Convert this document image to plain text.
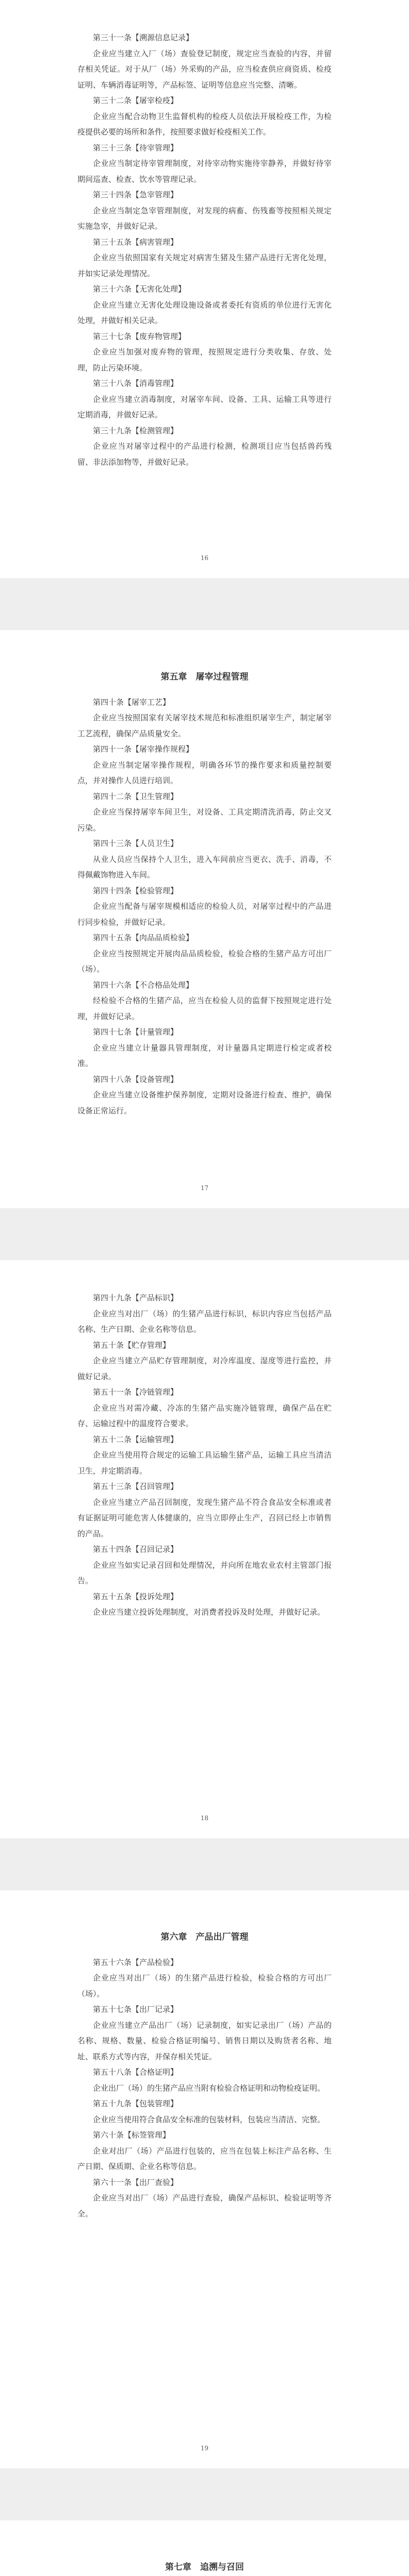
第三十一条【溯源信息记录】

企业应当建立入厂（场）查验登记制度，规定应当查验的内容，并留存相关凭证。对于从厂（场）外采购的产品，应当检查供应商资质、检疫证明、车辆消毒证明等，产品标签、证明等信息应当完整、清晰。

第三十二条【屠宰检疫】

企业应当配合动物卫生监督机构的检疫人员依法开展检疫工作，为检疫提供必要的场所和条件，按照要求做好检疫相关工作。

第三十三条【待宰管理】

企业应当制定待宰管理制度，对待宰动物实施待宰静养，并做好待宰期间巡查、检查、饮水等管理记录。

第三十四条【急宰管理】

企业应当制定急宰管理制度，对发现的病畜、伤残畜等按照相关规定实施急宰，并做好记录。

第三十五条【病害管理】

企业应当依照国家有关规定对病害生猪及生猪产品进行无害化处理，并如实记录处理情况。

第三十六条【无害化处理】

企业应当建立无害化处理设施设备或者委托有资质的单位进行无害化处理，并做好相关记录。

第三十七条【废弃物管理】

企业应当加强对废弃物的管理，按照规定进行分类收集、存放、处理，防止污染环境。

第三十八条【消毒管理】

企业应当建立消毒制度，对屠宰车间、设备、工具、运输工具等进行定期消毒，并做好记录。

第三十九条【检测管理】

企业应当对屠宰过程中的产品进行检测，检测项目应当包括兽药残留、非法添加物等，并做好记录。

16

第五章　屠宰过程管理

第四十条【屠宰工艺】

企业应当按照国家有关屠宰技术规范和标准组织屠宰生产，制定屠宰工艺流程，确保产品质量安全。

第四十一条【屠宰操作规程】

企业应当制定屠宰操作规程，明确各环节的操作要求和质量控制要点，并对操作人员进行培训。

第四十二条【卫生管理】

企业应当保持屠宰车间卫生，对设备、工具定期清洗消毒，防止交叉污染。

第四十三条【人员卫生】

从业人员应当保持个人卫生，进入车间前应当更衣、洗手、消毒，不得佩戴饰物进入车间。

第四十四条【检验管理】

企业应当配备与屠宰规模相适应的检验人员，对屠宰过程中的产品进行同步检验，并做好记录。

第四十五条【肉品品质检验】

企业应当按照规定开展肉品品质检验，检验合格的生猪产品方可出厂（场）。

第四十六条【不合格品处理】

经检验不合格的生猪产品，应当在检验人员的监督下按照规定进行处理，并做好记录。

第四十七条【计量管理】

企业应当建立计量器具管理制度，对计量器具定期进行检定或者校准。

第四十八条【设备管理】

企业应当建立设备维护保养制度，定期对设备进行检查、维护，确保设备正常运行。

17

第四十九条【产品标识】

企业应当对出厂（场）的生猪产品进行标识，标识内容应当包括产品名称、生产日期、企业名称等信息。

第五十条【贮存管理】

企业应当建立产品贮存管理制度，对冷库温度、湿度等进行监控，并做好记录。

第五十一条【冷链管理】

企业应当对需冷藏、冷冻的生猪产品实施冷链管理，确保产品在贮存、运输过程中的温度符合要求。

第五十二条【运输管理】

企业应当使用符合规定的运输工具运输生猪产品，运输工具应当清洁卫生，并定期消毒。

第五十三条【召回管理】

企业应当建立产品召回制度，发现生猪产品不符合食品安全标准或者有证据证明可能危害人体健康的，应当立即停止生产，召回已经上市销售的产品。

第五十四条【召回记录】

企业应当如实记录召回和处理情况，并向所在地农业农村主管部门报告。

第五十五条【投诉处理】

企业应当建立投诉处理制度，对消费者投诉及时处理，并做好记录。

18

第六章　产品出厂管理

第五十六条【产品检验】

企业应当对出厂（场）的生猪产品进行检验，检验合格的方可出厂（场）。

第五十七条【出厂记录】

企业应当建立产品出厂（场）记录制度，如实记录出厂（场）产品的名称、规格、数量、检验合格证明编号、销售日期以及购货者名称、地址、联系方式等内容，并保存相关凭证。

第五十八条【合格证明】

企业出厂（场）的生猪产品应当附有检验合格证明和动物检疫证明。

第五十九条【包装管理】

企业应当使用符合食品安全标准的包装材料，包装应当清洁、完整。

第六十条【标签管理】

企业对出厂（场）产品进行包装的，应当在包装上标注产品名称、生产日期、保质期、企业名称等信息。

第六十一条【出厂查验】

企业应当对出厂（场）产品进行查验，确保产品标识、检验证明等齐全。

19

第七章　追溯与召回
